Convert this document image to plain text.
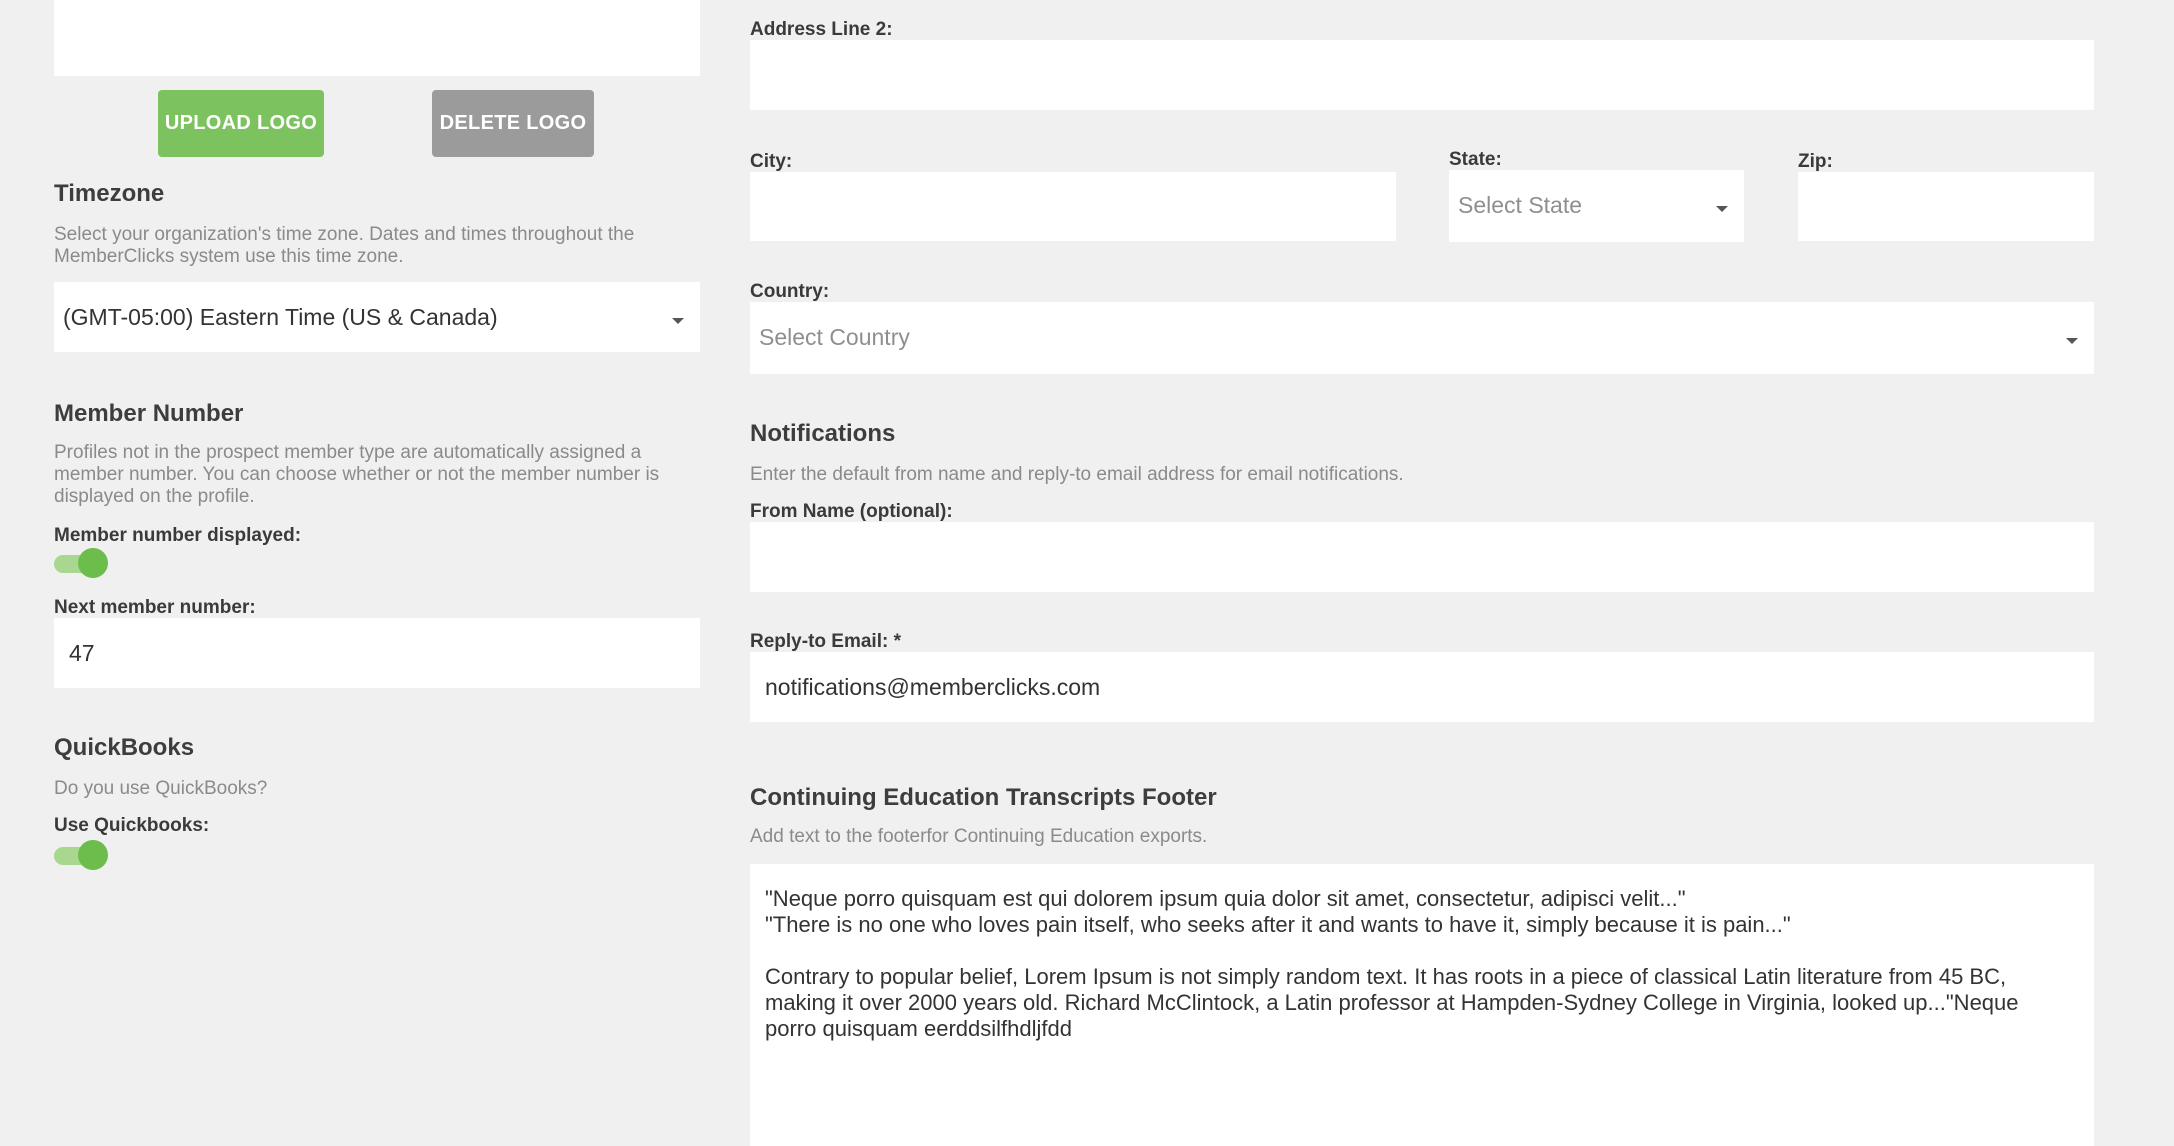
UPLOAD LOGO	DELETE LOGO
Timezone
Select your organization's time zone. Dates and times throughout the MemberClicks system use this time zone.
(GMT-05:00) Eastern Time (US & Canada)
Member Number
Profiles not in the prospect member type are automatically assigned a member number. You can choose whether or not the member number is displayed on the profile.
Member number displayed:
Next member number:
47
QuickBooks
Do you use QuickBooks?
Use Quickbooks:
Address Line 2:
City:	State:
Select State
Zip:
Country:
Select Country
Notifications
Enter the default from name and reply-to email address for email notifications.
From Name (optional):
Reply-to Email: *
notifications@memberclicks.com
Continuing Education Transcripts Footer
Add text to the footerfor Continuing Education exports.
"Neque porro quisquam est qui dolorem ipsum quia dolor sit amet, consectetur, adipisci velit..."
"There is no one who loves pain itself, who seeks after it and wants to have it, simply because it is pain..."

Contrary to popular belief, Lorem Ipsum is not simply random text. It has roots in a piece of classical Latin literature from 45 BC, making it over 2000 years old. Richard McClintock, a Latin professor at Hampden-Sydney College in Virginia, looked up..."Neque porro quisquam eerddsilfhdljfdd
